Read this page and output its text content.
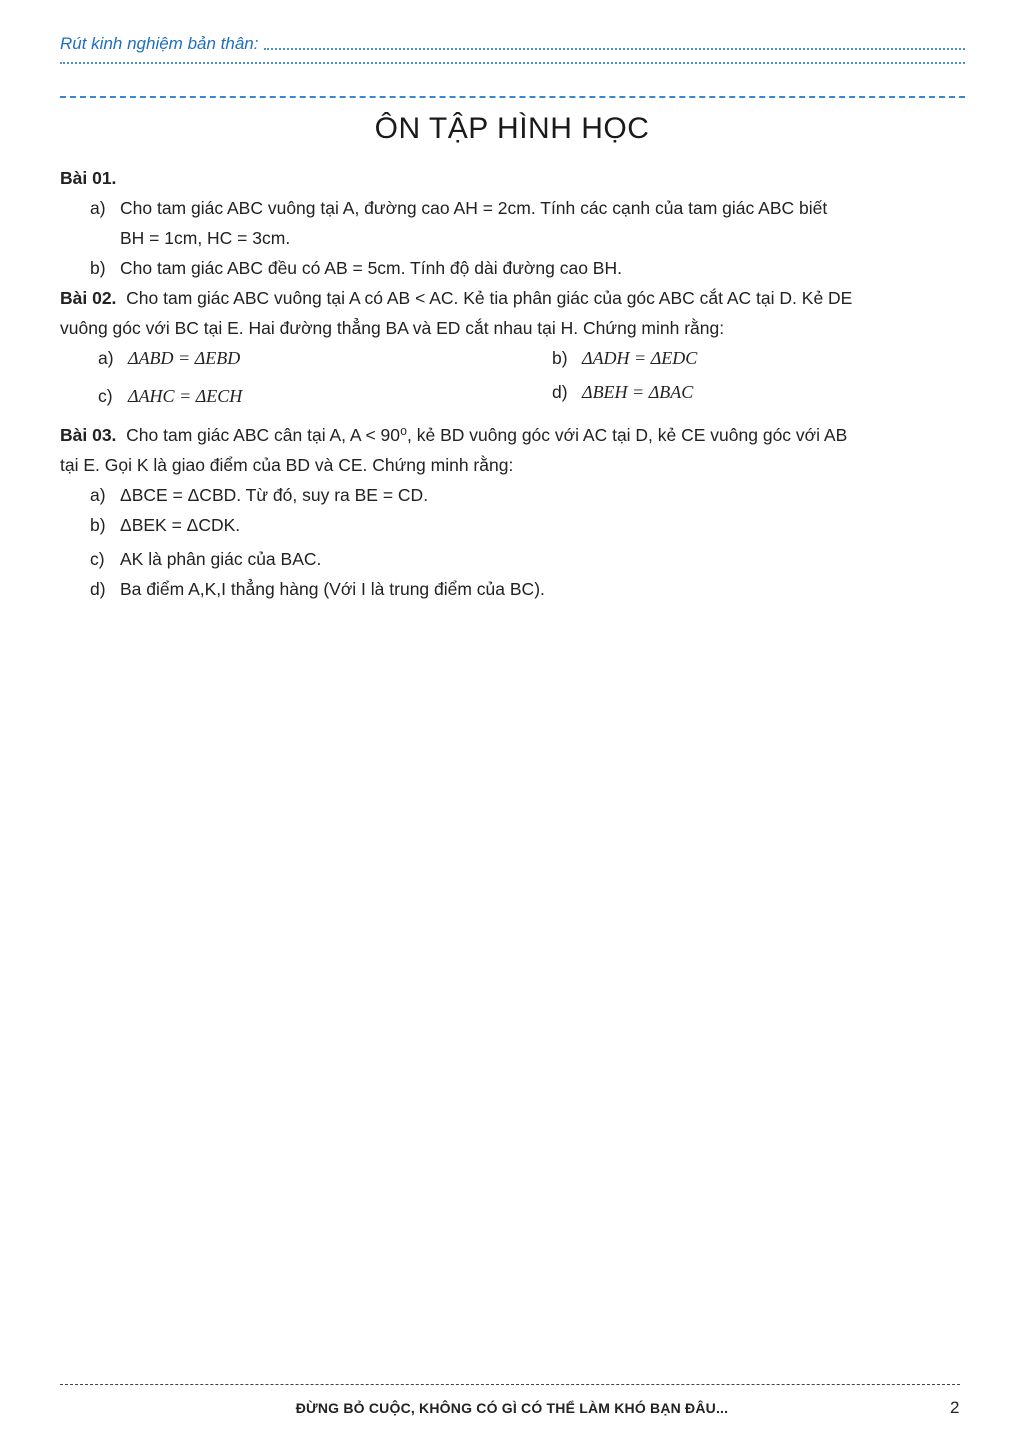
Rút kinh nghiệm bản thân:
ÔN TẬP HÌNH HỌC
Bài 01.
a) Cho tam giác ABC vuông tại A, đường cao AH = 2cm. Tính các cạnh của tam giác ABC biết
BH = 1cm, HC = 3cm.
b) Cho tam giác ABC đều có AB = 5cm. Tính độ dài đường cao BH.
Bài 02. Cho tam giác ABC vuông tại A có AB < AC. Kẻ tia phân giác của góc ABC cắt AC tại D. Kẻ DE
vuông góc với BC tại E. Hai đường thẳng BA và ED cắt nhau tại H. Chứng minh rằng:
a) ΔABD = ΔEBD	b) ΔADH = ΔEDC
c) ΔAHC = ΔECH	d) ΔBEH = ΔBAC
Bài 03. Cho tam giác ABC cân tại A, A < 90⁰, kẻ BD vuông góc với AC tại D, kẻ CE vuông góc với AB
tại E. Gọi K là giao điểm của BD và CE. Chứng minh rằng:
a) ΔBCE = ΔCBD. Từ đó, suy ra BE = CD.
b) ΔBEK = ΔCDK.
c) AK là phân giác của BAC.
d) Ba điểm A,K,I thẳng hàng (Với I là trung điểm của BC).
ĐỪNG BỎ CUỘC, KHÔNG CÓ GÌ CÓ THỂ LÀM KHÓ BẠN ĐÂU...	2
